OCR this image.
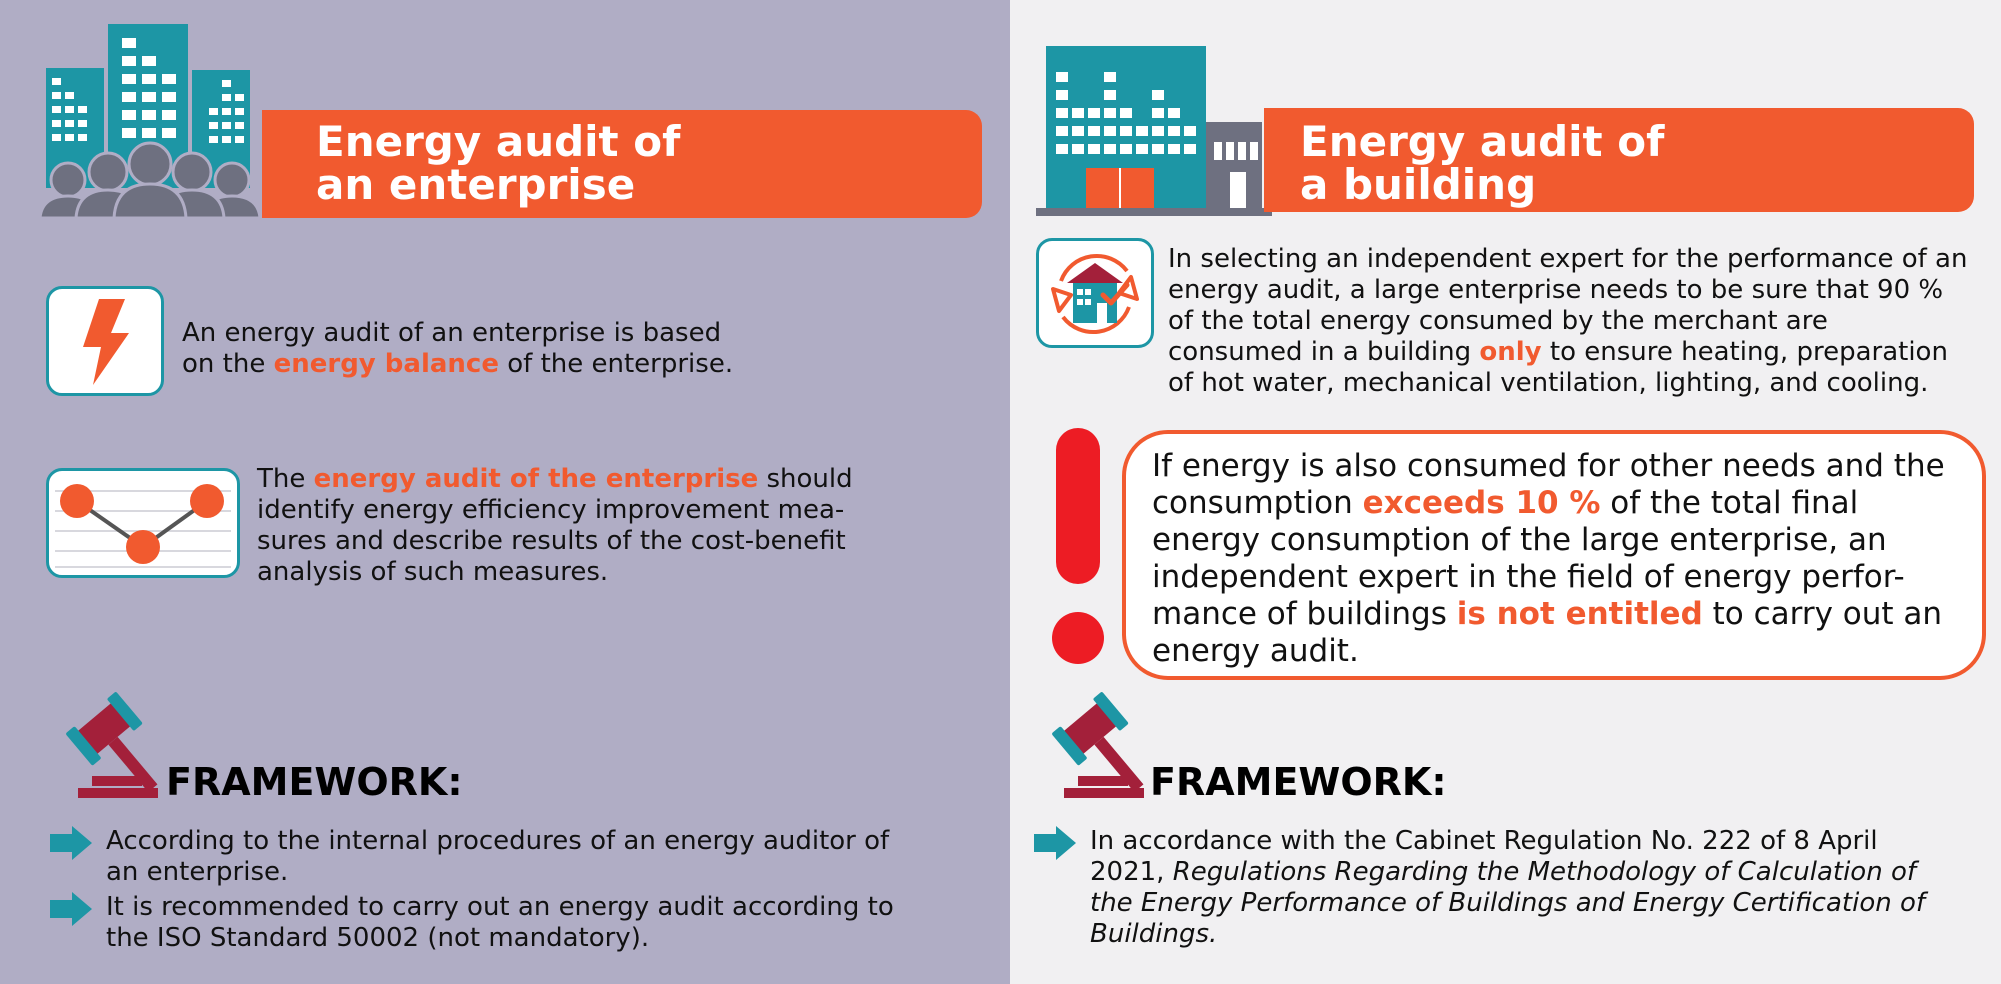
Energy audit of
an enterprise
An energy audit of an enterprise is based on the energy balance of the enterprise.
The energy audit of the enterprise should identify energy efficiency improvement mea-sures and describe results of the cost-benefit analysis of such measures.
FRAMEWORK:
According to the internal procedures of an energy auditor of an enterprise.
It is recommended to carry out an energy audit according to the ISO Standard 50002 (not mandatory).
Energy audit of
a building
In selecting an independent expert for the performance of an energy audit, a large enterprise needs to be sure that 90 % of the total energy consumed by the merchant are consumed in a building only to ensure heating, preparation of hot water, mechanical ventilation, lighting, and cooling.
If energy is also consumed for other needs and the consumption exceeds 10 % of the total final energy consumption of the large enterprise, an independent expert in the field of energy perfor-mance of buildings is not entitled to carry out an energy audit.
FRAMEWORK:
In accordance with the Cabinet Regulation No. 222 of 8 April 2021, Regulations Regarding the Methodology of Calculation of the Energy Performance of Buildings and Energy Certification of Buildings.
